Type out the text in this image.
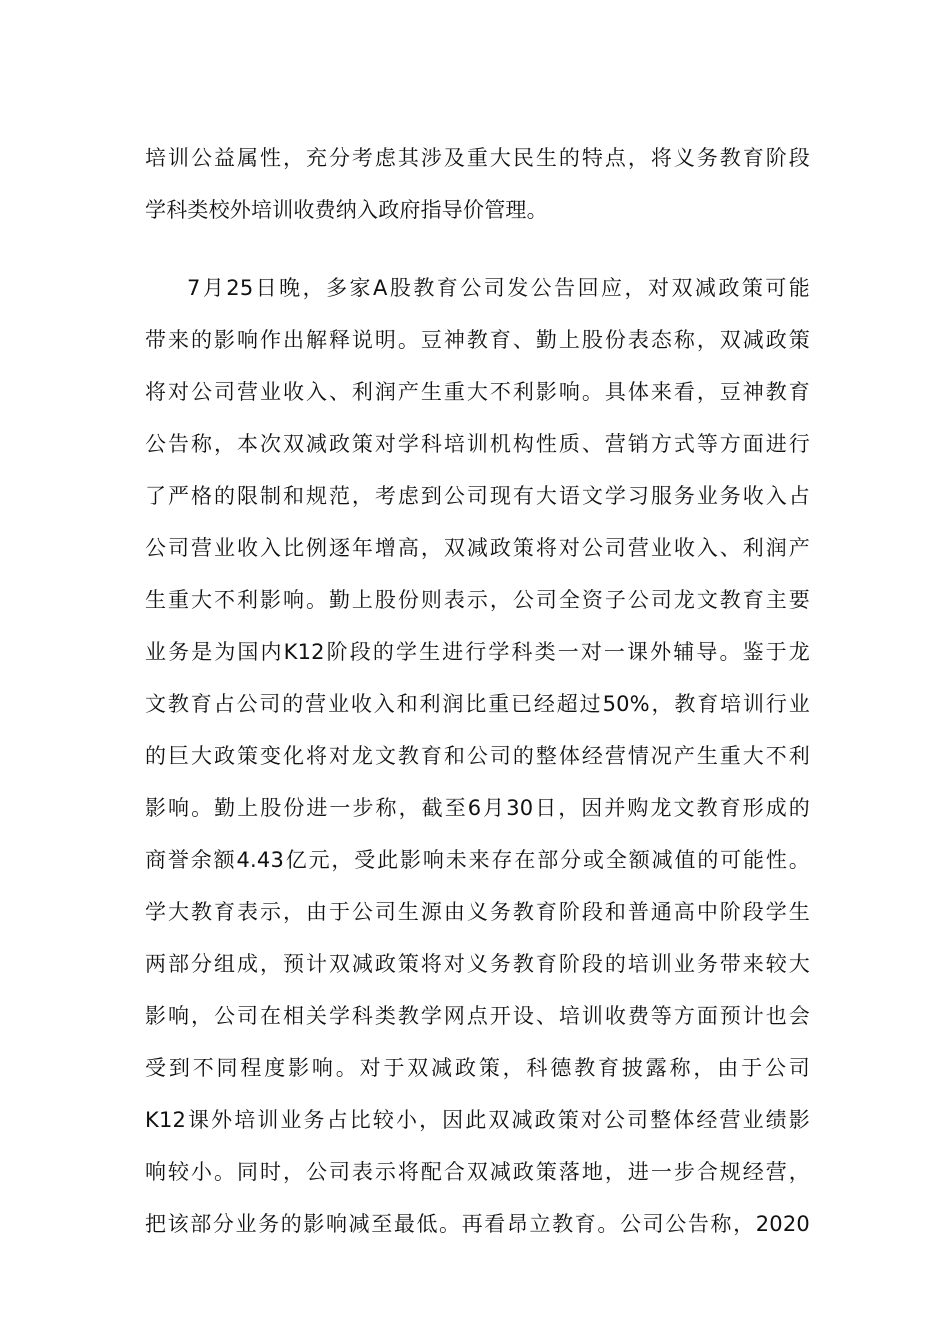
培训公益属性，充分考虑其涉及重大民生的特点，将义务教育阶段
学科类校外培训收费纳入政府指导价管理。
7月25日晚，多家A股教育公司发公告回应，对双减政策可能
带来的影响作出解释说明。豆神教育、勤上股份表态称，双减政策
将对公司营业收入、利润产生重大不利影响。具体来看，豆神教育
公告称，本次双减政策对学科培训机构性质、营销方式等方面进行
了严格的限制和规范，考虑到公司现有大语文学习服务业务收入占
公司营业收入比例逐年增高，双减政策将对公司营业收入、利润产
生重大不利影响。勤上股份则表示，公司全资子公司龙文教育主要
业务是为国内K12阶段的学生进行学科类一对一课外辅导。鉴于龙
文教育占公司的营业收入和利润比重已经超过50%，教育培训行业
的巨大政策变化将对龙文教育和公司的整体经营情况产生重大不利
影响。勤上股份进一步称，截至6月30日，因并购龙文教育形成的
商誉余额4.43亿元，受此影响未来存在部分或全额减值的可能性。
学大教育表示，由于公司生源由义务教育阶段和普通高中阶段学生
两部分组成，预计双减政策将对义务教育阶段的培训业务带来较大
影响，公司在相关学科类教学网点开设、培训收费等方面预计也会
受到不同程度影响。对于双减政策，科德教育披露称，由于公司
K12课外培训业务占比较小，因此双减政策对公司整体经营业绩影
响较小。同时，公司表示将配合双减政策落地，进一步合规经营，
把该部分业务的影响减至最低。再看昂立教育。公司公告称，2020
